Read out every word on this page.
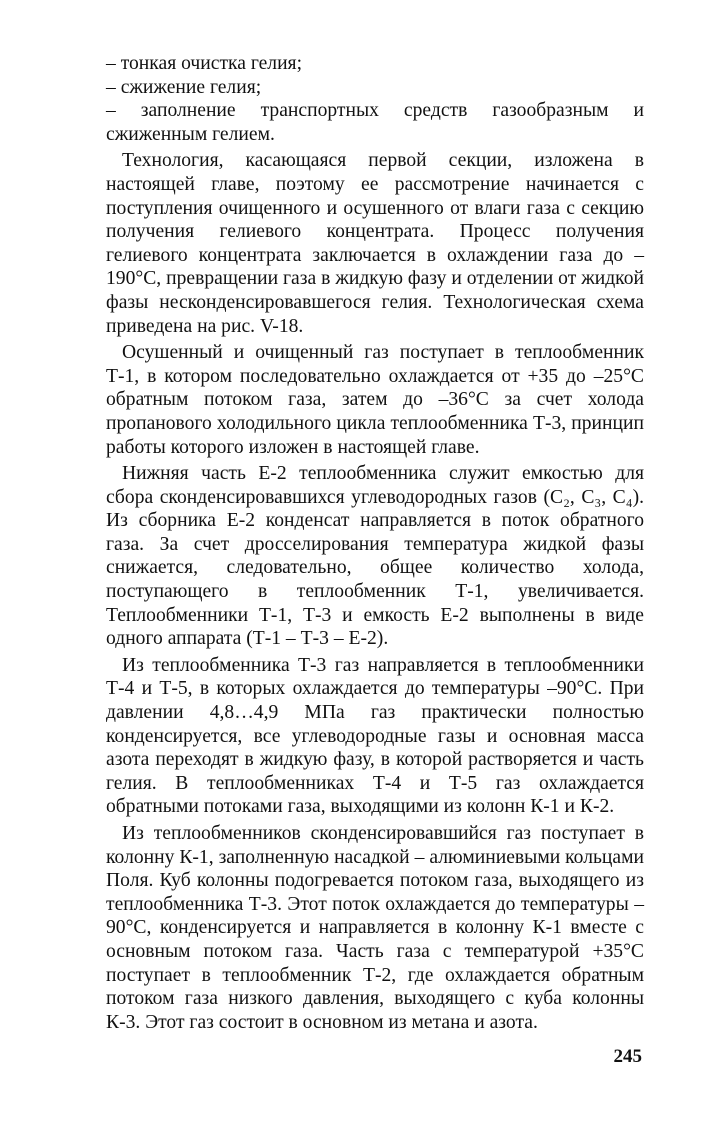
– тонкая очистка гелия;

– сжижение гелия;

– заполнение транспортных средств газообразным и сжиженным гелием.

Технология, касающаяся первой секции, изложена в настоящей главе, поэтому ее рассмотрение начинается с поступления очищенного и осушенного от влаги газа с секцию получения гелиевого концентрата. Процесс получения гелиевого концентрата заключается в охлаждении газа до –190°С, превращении газа в жидкую фазу и отделении от жидкой фазы несконденсировавшегося гелия. Технологическая схема приведена на рис. V-18.

Осушенный и очищенный газ поступает в теплообменник Т-1, в котором последовательно охлаждается от +35 до –25°С обратным потоком газа, затем до –36°С за счет холода пропанового холодильного цикла теплообменника Т-3, принцип работы которого изложен в настоящей главе.

Нижняя часть Е-2 теплообменника служит емкостью для сбора сконденсировавшихся углеводородных газов (С₂, С₃, С₄). Из сборника Е-2 конденсат направляется в поток обратного газа. За счет дросселирования температура жидкой фазы снижается, следовательно, общее количество холода, поступающего в теплообменник Т-1, увеличивается. Теплообменники Т-1, Т-3 и емкость Е-2 выполнены в виде одного аппарата (Т-1 – Т-3 – Е-2).

Из теплообменника Т-3 газ направляется в теплообменники Т-4 и Т-5, в которых охлаждается до температуры –90°С. При давлении 4,8…4,9 МПа газ практически полностью конденсируется, все углеводородные газы и основная масса азота переходят в жидкую фазу, в которой растворяется и часть гелия. В теплообменниках Т-4 и Т-5 газ охлаждается обратными потоками газа, выходящими из колонн К-1 и К-2.

Из теплообменников сконденсировавшийся газ поступает в колонну К-1, заполненную насадкой – алюминиевыми кольцами Поля. Куб колонны подогревается потоком газа, выходящего из теплообменника Т-3. Этот поток охлаждается до температуры –90°С, конденсируется и направляется в колонну К-1 вместе с основным потоком газа. Часть газа с температурой +35°С поступает в теплообменник Т-2, где охлаждается обратным потоком газа низкого давления, выходящего с куба колонны К-3. Этот газ состоит в основном из метана и азота.

245
